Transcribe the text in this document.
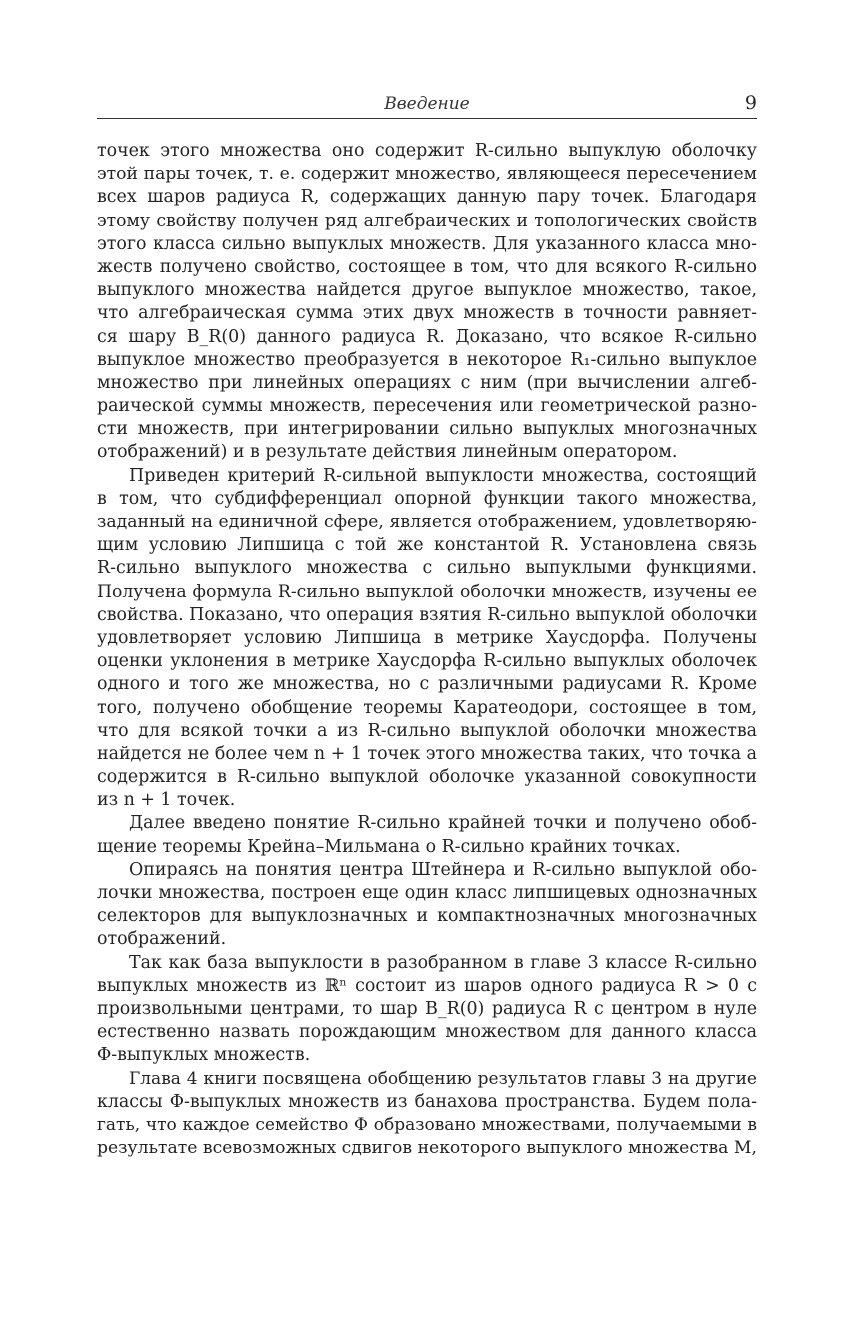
Введение	9
точек этого множества оно содержит R-сильно выпуклую оболочку
этой пары точек, т. е. содержит множество, являющееся пересечением
всех шаров радиуса R, содержащих данную пару точек. Благодаря
этому свойству получен ряд алгебраических и топологических свойств
этого класса сильно выпуклых множеств. Для указанного класса мно-
жеств получено свойство, состоящее в том, что для всякого R-сильно
выпуклого множества найдется другое выпуклое множество, такое,
что алгебраическая сумма этих двух множеств в точности равняет-
ся шару B_R(0) данного радиуса R. Доказано, что всякое R-сильно
выпуклое множество преобразуется в некоторое R₁-сильно выпуклое
множество при линейных операциях с ним (при вычислении алгеб-
раической суммы множеств, пересечения или геометрической разно-
сти множеств, при интегрировании сильно выпуклых многозначных
отображений) и в результате действия линейным оператором.
Приведен критерий R-сильной выпуклости множества, состоящий
в том, что субдифференциал опорной функции такого множества,
заданный на единичной сфере, является отображением, удовлетворяю-
щим условию Липшица с той же константой R. Установлена связь
R-сильно выпуклого множества с сильно выпуклыми функциями.
Получена формула R-сильно выпуклой оболочки множеств, изучены ее
свойства. Показано, что операция взятия R-сильно выпуклой оболочки
удовлетворяет условию Липшица в метрике Хаусдорфа. Получены
оценки уклонения в метрике Хаусдорфа R-сильно выпуклых оболочек
одного и того же множества, но с различными радиусами R. Кроме
того, получено обобщение теоремы Каратеодори, состоящее в том,
что для всякой точки a из R-сильно выпуклой оболочки множества
найдется не более чем n + 1 точек этого множества таких, что точка a
содержится в R-сильно выпуклой оболочке указанной совокупности
из n + 1 точек.
Далее введено понятие R-сильно крайней точки и получено обоб-
щение теоремы Крейна–Мильмана о R-сильно крайних точках.
Опираясь на понятия центра Штейнера и R-сильно выпуклой обо-
лочки множества, построен еще один класс липшицевых однозначных
селекторов для выпуклозначных и компактнозначных многозначных
отображений.
Так как база выпуклости в разобранном в главе 3 классе R-сильно
выпуклых множеств из ℝⁿ состоит из шаров одного радиуса R > 0 с
произвольными центрами, то шар B_R(0) радиуса R с центром в нуле
естественно назвать порождающим множеством для данного класса
Φ-выпуклых множеств.
Глава 4 книги посвящена обобщению результатов главы 3 на другие
классы Φ-выпуклых множеств из банахова пространства. Будем пола-
гать, что каждое семейство Φ образовано множествами, получаемыми в
результате всевозможных сдвигов некоторого выпуклого множества M,
